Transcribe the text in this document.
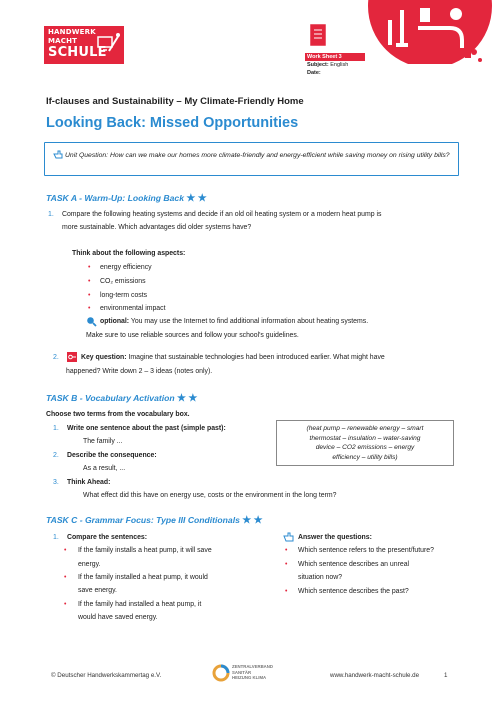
HANDWERK
MACHT
SCHULE	Work Sheet 3
Subject: English
Date:
If-clauses and Sustainability – My Climate-Friendly Home
Looking Back: Missed Opportunities
Unit Question: How can we make our homes more climate-friendly and energy-efficient while saving money on rising utility bills?
TASK A - Warm-Up: Looking Back ★ ★
1. Compare the following heating systems and decide if an old oil heating system or a modern heat pump is
more sustainable. Which advantages did older systems have?
Think about the following aspects:
• energy efficiency
• CO₂ emissions
• long-term costs
• environmental impact
optional: You may use the Internet to find additional information about heating systems.
Make sure to use reliable sources and follow your school's guidelines.
2.	Key question: Imagine that sustainable technologies had been introduced earlier. What might have
happened? Write down 2 – 3 ideas (notes only).
TASK B - Vocabulary Activation ★ ★
Choose two terms from the vocabulary box.
1. Write one sentence about the past (simple past):
The family ...
2. Describe the consequence:
As a result, ...
3. Think Ahead:
What effect did this have on energy use, costs or the environment in the long term?
(heat pump – renewable energy – smart
thermostat – insulation – water-saving
device – CO2 emissions – energy
efficiency – utility bills)
TASK C - Grammar Focus: Type III Conditionals ★ ★
1. Compare the sentences:
• If the family installs a heat pump, it will save
energy.
• If the family installed a heat pump, it would
save energy.
• If the family had installed a heat pump, it
would have saved energy.
Answer the questions:
• Which sentence refers to the present/future?
• Which sentence describes an unreal
situation now?
• Which sentence describes the past?
© Deutscher Handwerkskammertag e.V.
ZENTRALVERBAND
SANITÄR
HEIZUNG KLIMA	www.handwerk-macht-schule.de	1
